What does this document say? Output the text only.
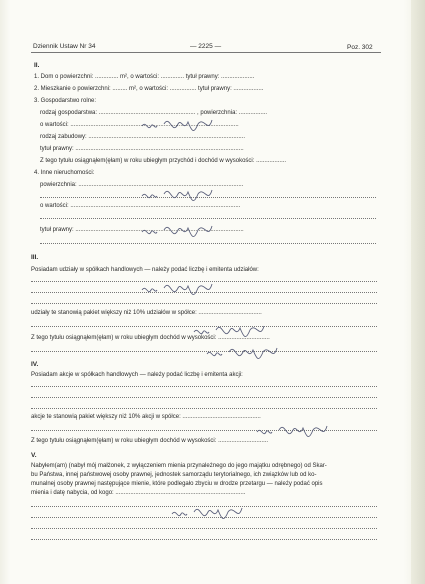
Dziennik Ustaw Nr 34	— 2225 —	Poz. 302
II.
1. Dom o powierzchni: .............. m², o wartości: .............. tytuł prawny: ....................
2. Mieszkanie o powierzchni: ......... m², o wartości: ................ tytuł prawny: ..................
3. Gospodarstwo rolne:
rodzaj gospodarstwa: .......................................................... , powierzchnia: .................
o wartości: .....................................................................................................
rodzaj zabudowy: ..............................................................................................
tytuł prawny: .....................................................................................................
Z tego tytułu osiągnąłem(ęłam) w roku ubiegłym przychód i dochód w wysokości: ..................
4. Inne nieruchomości:
powierzchnia: ...................................................................................................
o wartości: ......................................................................................................
tytuł prawny: .....................................................................................................
III.
Posiadam udziały w spółkach handlowych — należy podać liczbę i emitenta udziałów:
udziały te stanowią pakiet większy niż 10% udziałów w spółce: ......................................
Z tego tytułu osiągnąłem(ęłam) w roku ubiegłym dochód w wysokości: ...............................
IV.
Posiadam akcje w spółkach handlowych — należy podać liczbę i emitenta akcji:
akcje te stanowią pakiet większy niż 10% akcji w spółce: ...............................................
Z tego tytułu osiągnąłem(ęłam) w roku ubiegłym dochód w wysokości: ..............................
V.
Nabyłem(am) (nabył mój małżonek, z wyłączeniem mienia przynależnego do jego majątku odrębnego) od Skar-
bu Państwa, innej państwowej osoby prawnej, jednostek samorządu terytorialnego, ich związków lub od ko-
munalnej osoby prawnej następujące mienie, które podlegało zbyciu w drodze przetargu — należy podać opis
mienia i datę nabycia, od kogo: ..............................................................................
